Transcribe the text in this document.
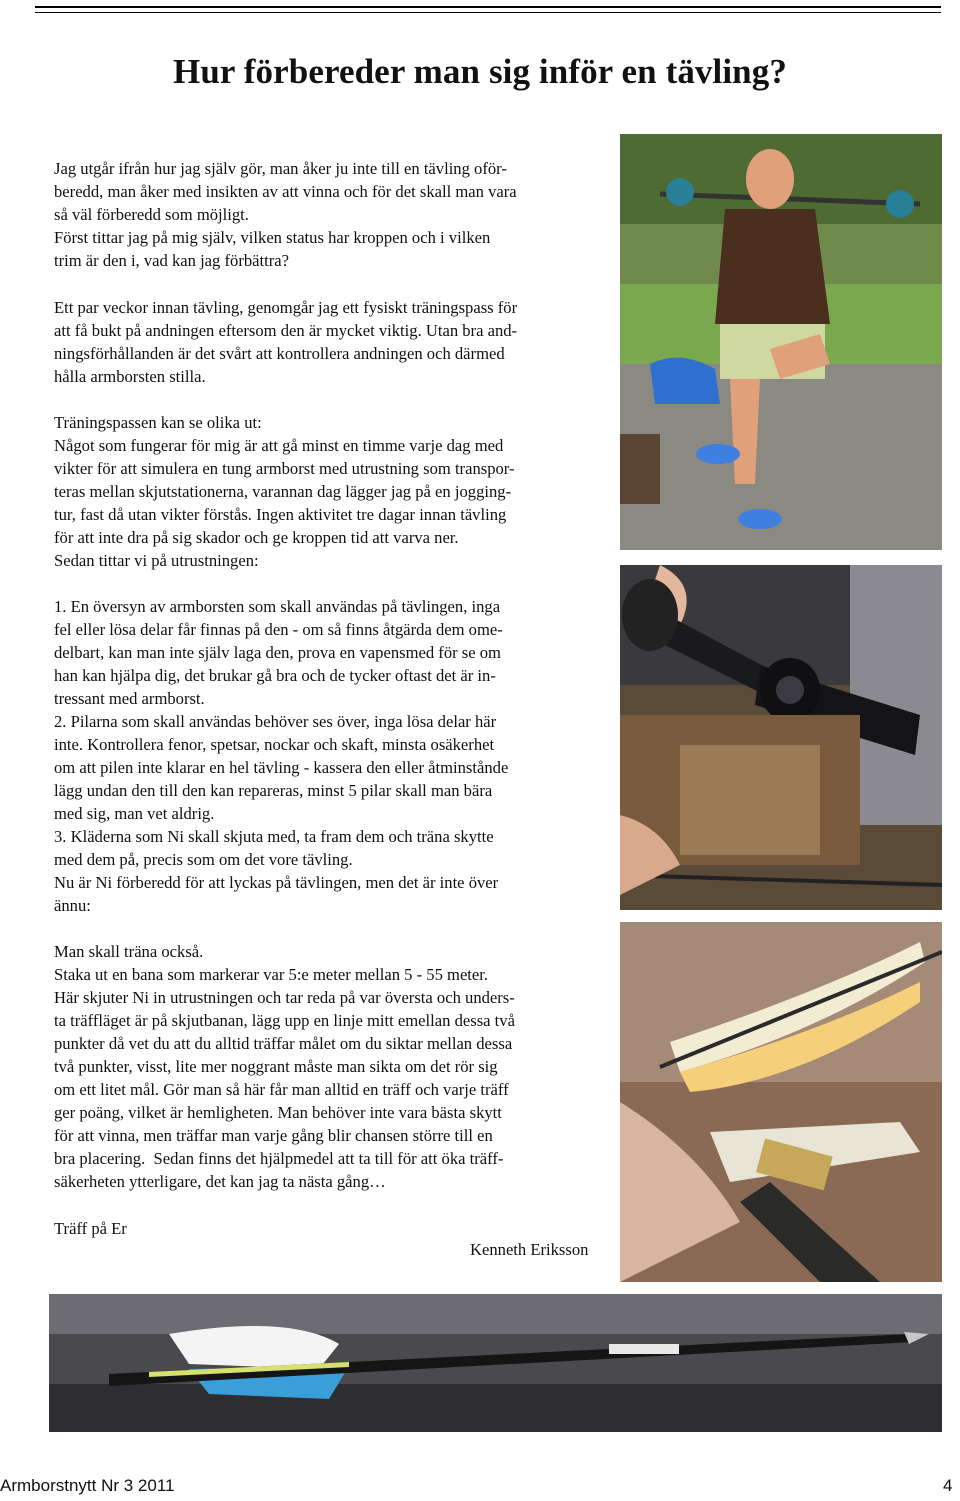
Hur förbereder man sig inför en tävling?

Jag utgår ifrån hur jag själv gör, man åker ju inte till en tävling oför-

beredd, man åker med insikten av att vinna och för det skall man vara

så väl förberedd som möjligt.

Först tittar jag på mig själv, vilken status har kroppen och i vilken

trim är den i, vad kan jag förbättra?

Ett par veckor innan tävling, genomgår jag ett fysiskt träningspass för

att få bukt på andningen eftersom den är mycket viktig. Utan bra and-

ningsförhållanden är det svårt att kontrollera andningen och därmed

hålla armborsten stilla.

Träningspassen kan se olika ut:

Något som fungerar för mig är att gå minst en timme varje dag med

vikter för att simulera en tung armborst med utrustning som transpor-

teras mellan skjutstationerna, varannan dag lägger jag på en jogging-

tur, fast då utan vikter förstås. Ingen aktivitet tre dagar innan tävling

för att inte dra på sig skador och ge kroppen tid att varva ner.

Sedan tittar vi på utrustningen:

1. En översyn av armborsten som skall användas på tävlingen, inga

fel eller lösa delar får finnas på den - om så finns åtgärda dem ome-

delbart, kan man inte själv laga den, prova en vapensmed för se om

han kan hjälpa dig, det brukar gå bra och de tycker oftast det är in-

tressant med armborst.

2. Pilarna som skall användas behöver ses över, inga lösa delar här

inte. Kontrollera fenor, spetsar, nockar och skaft, minsta osäkerhet

om att pilen inte klarar en hel tävling - kassera den eller åtminstånde

lägg undan den till den kan repareras, minst 5 pilar skall man bära

med sig, man vet aldrig.

3. Kläderna som Ni skall skjuta med, ta fram dem och träna skytte

med dem på, precis som om det vore tävling.

Nu är Ni förberedd för att lyckas på tävlingen, men det är inte över

ännu:

Man skall träna också.

Staka ut en bana som markerar var 5:e meter mellan 5 - 55 meter.

Här skjuter Ni in utrustningen och tar reda på var översta och unders-

ta träffläget är på skjutbanan, lägg upp en linje mitt emellan dessa två

punkter då vet du att du alltid träffar målet om du siktar mellan dessa

två punkter, visst, lite mer noggrant måste man sikta om det rör sig

om ett litet mål. Gör man så här får man alltid en träff och varje träff

ger poäng, vilket är hemligheten. Man behöver inte vara bästa skytt

för att vinna, men träffar man varje gång blir chansen större till en

bra placering.  Sedan finns det hjälpmedel att ta till för att öka träff-

säkerheten ytterligare, det kan jag ta nästa gång…

Träff på Er

Kenneth Eriksson
Armborstnytt Nr 3 2011	4
